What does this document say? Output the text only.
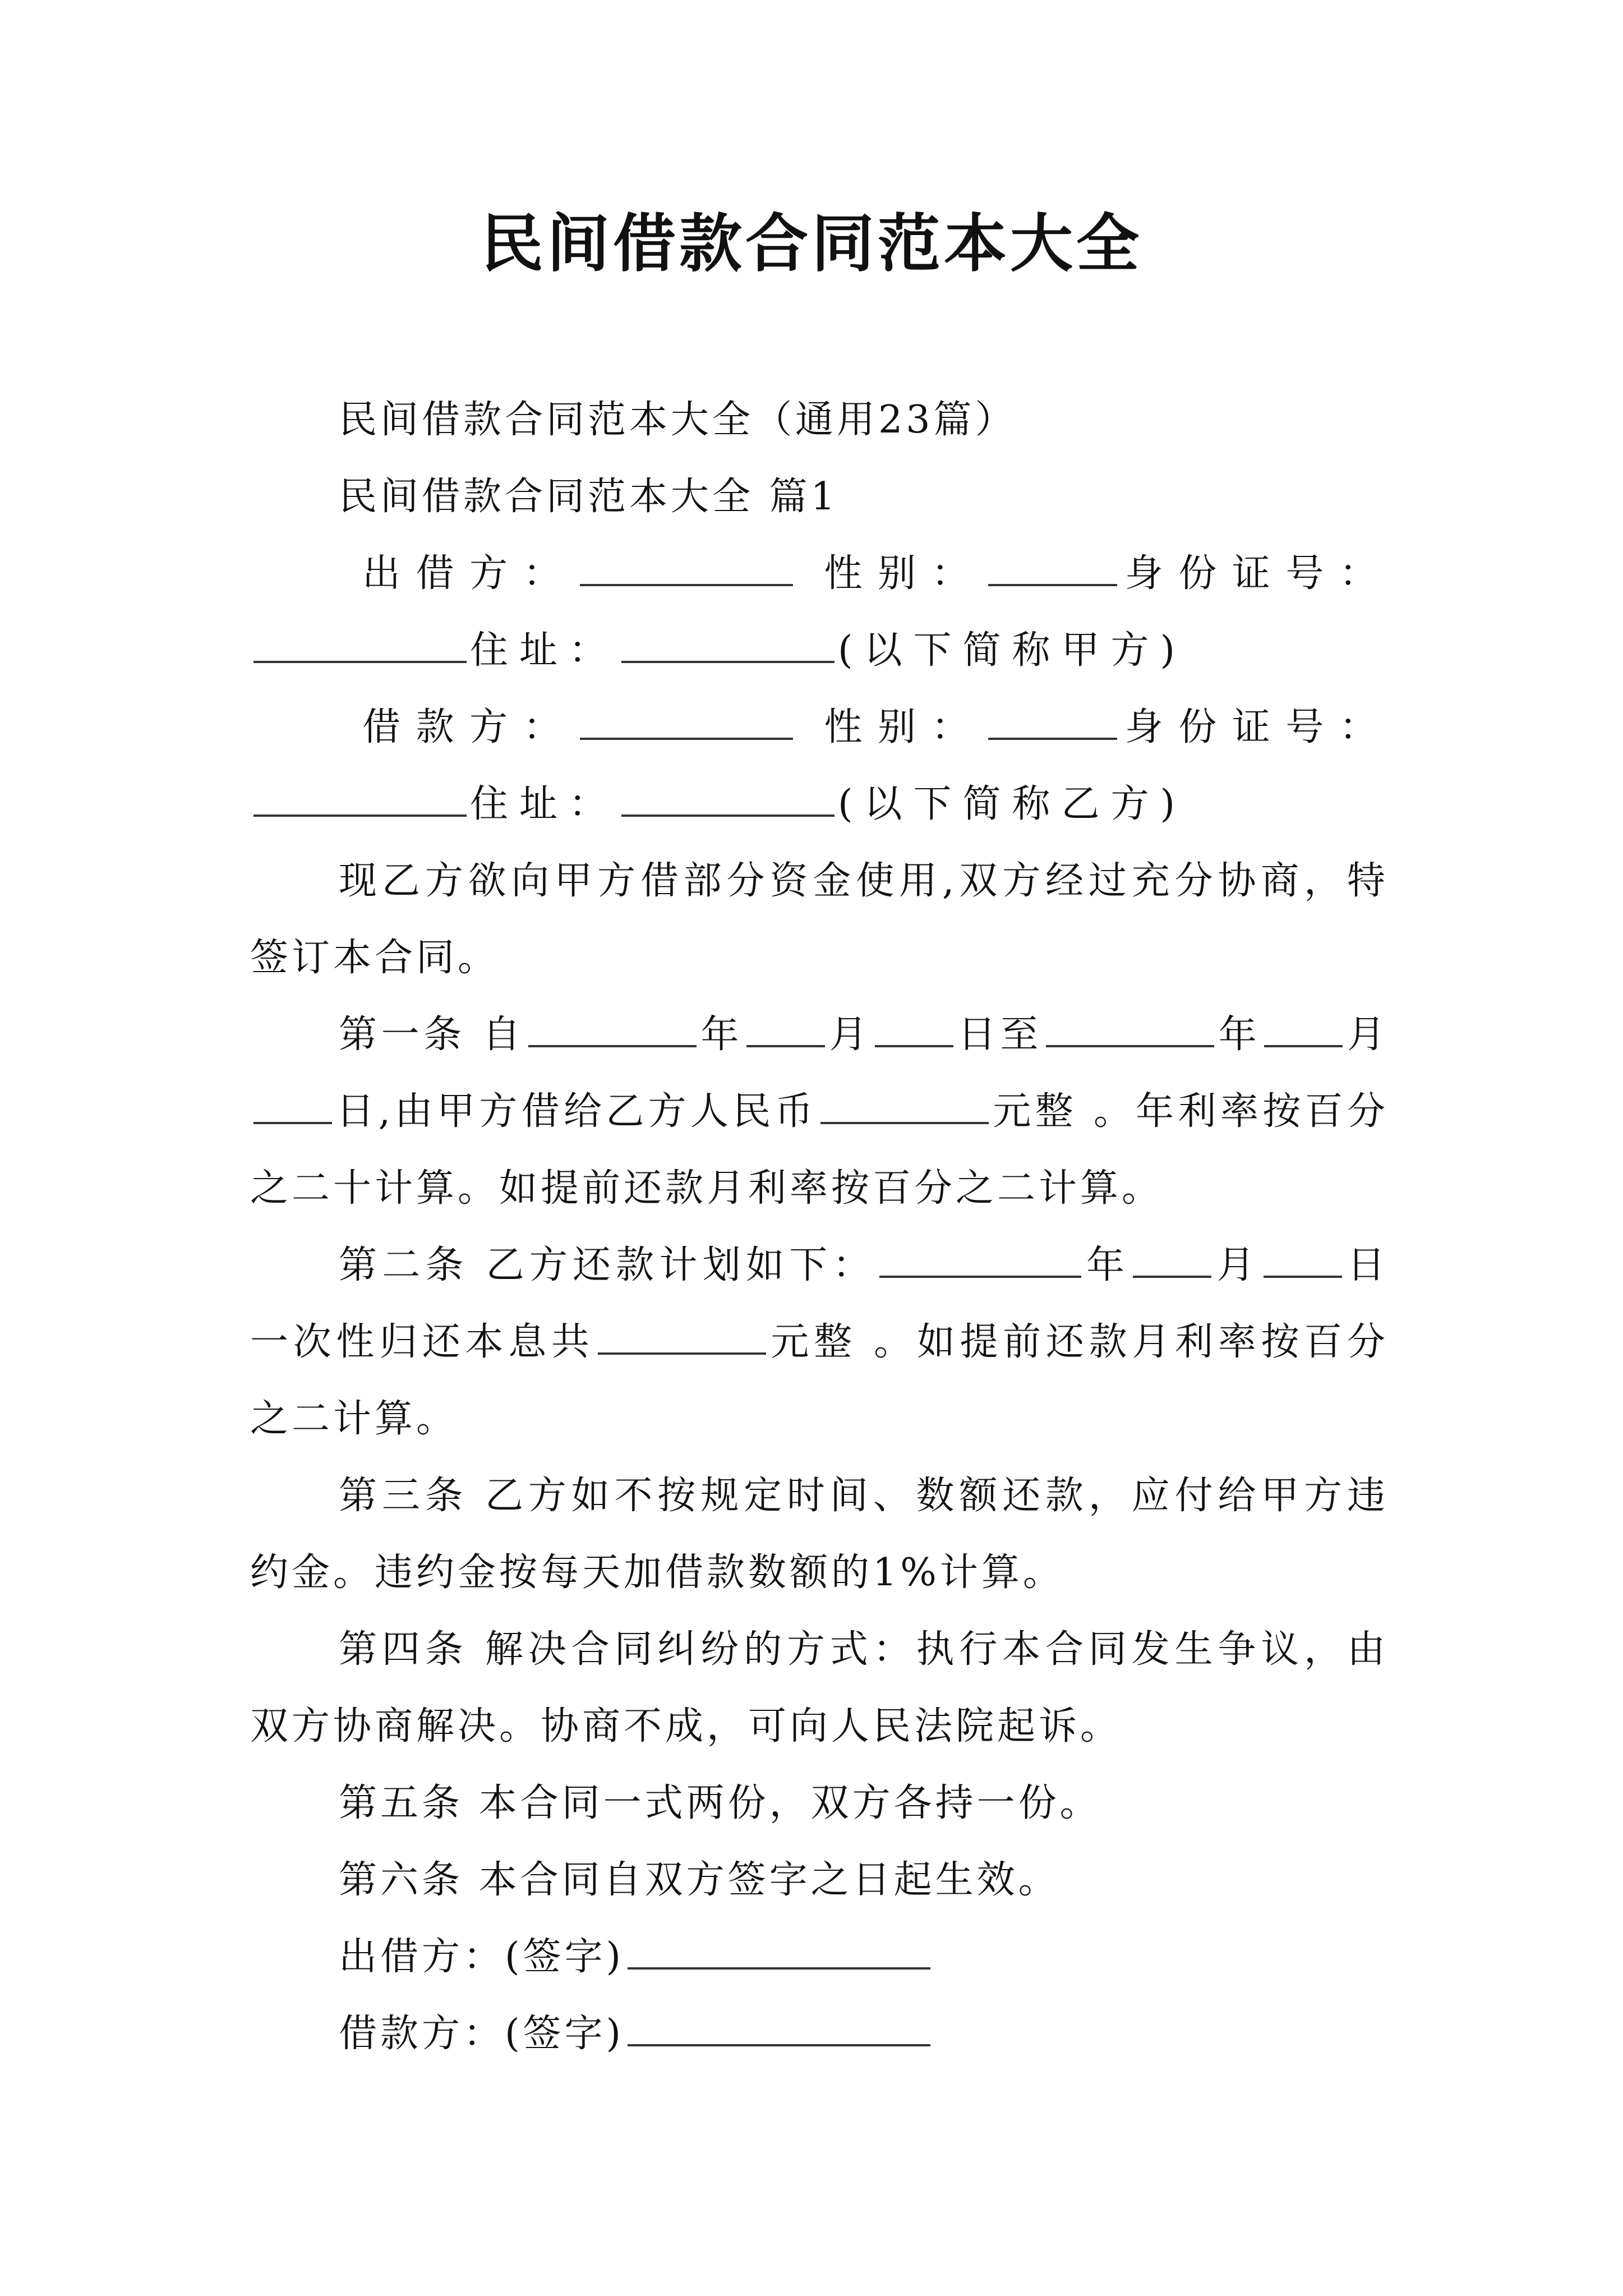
民间借款合同范本大全

民间借款合同范本大全（通用23篇）

民间借款合同范本大全 篇1

出借方：	性别：	身份证号：住址：	(以下简称甲方)

借款方：	性别：	身份证号：住址：	(以下简称乙方)

现乙方欲向甲方借部分资金使用,双方经过充分协商，特签订本合同。

第一条 自	年 月 日至	年 月日,由甲方借给乙方人民币	元整 。年利率按百分之二十计算。如提前还款月利率按百分之二计算。

第二条 乙方还款计划如下：	年 月 日一次性归还本息共	元整 。如提前还款月利率按百分之二计算。

第三条 乙方如不按规定时间、数额还款，应付给甲方违约金。违约金按每天加借款数额的1%计算。

第四条 解决合同纠纷的方式：执行本合同发生争议，由双方协商解决。协商不成，可向人民法院起诉。

第五条 本合同一式两份，双方各持一份。

第六条 本合同自双方签字之日起生效。

出借方：(签字)

借款方：(签字)
